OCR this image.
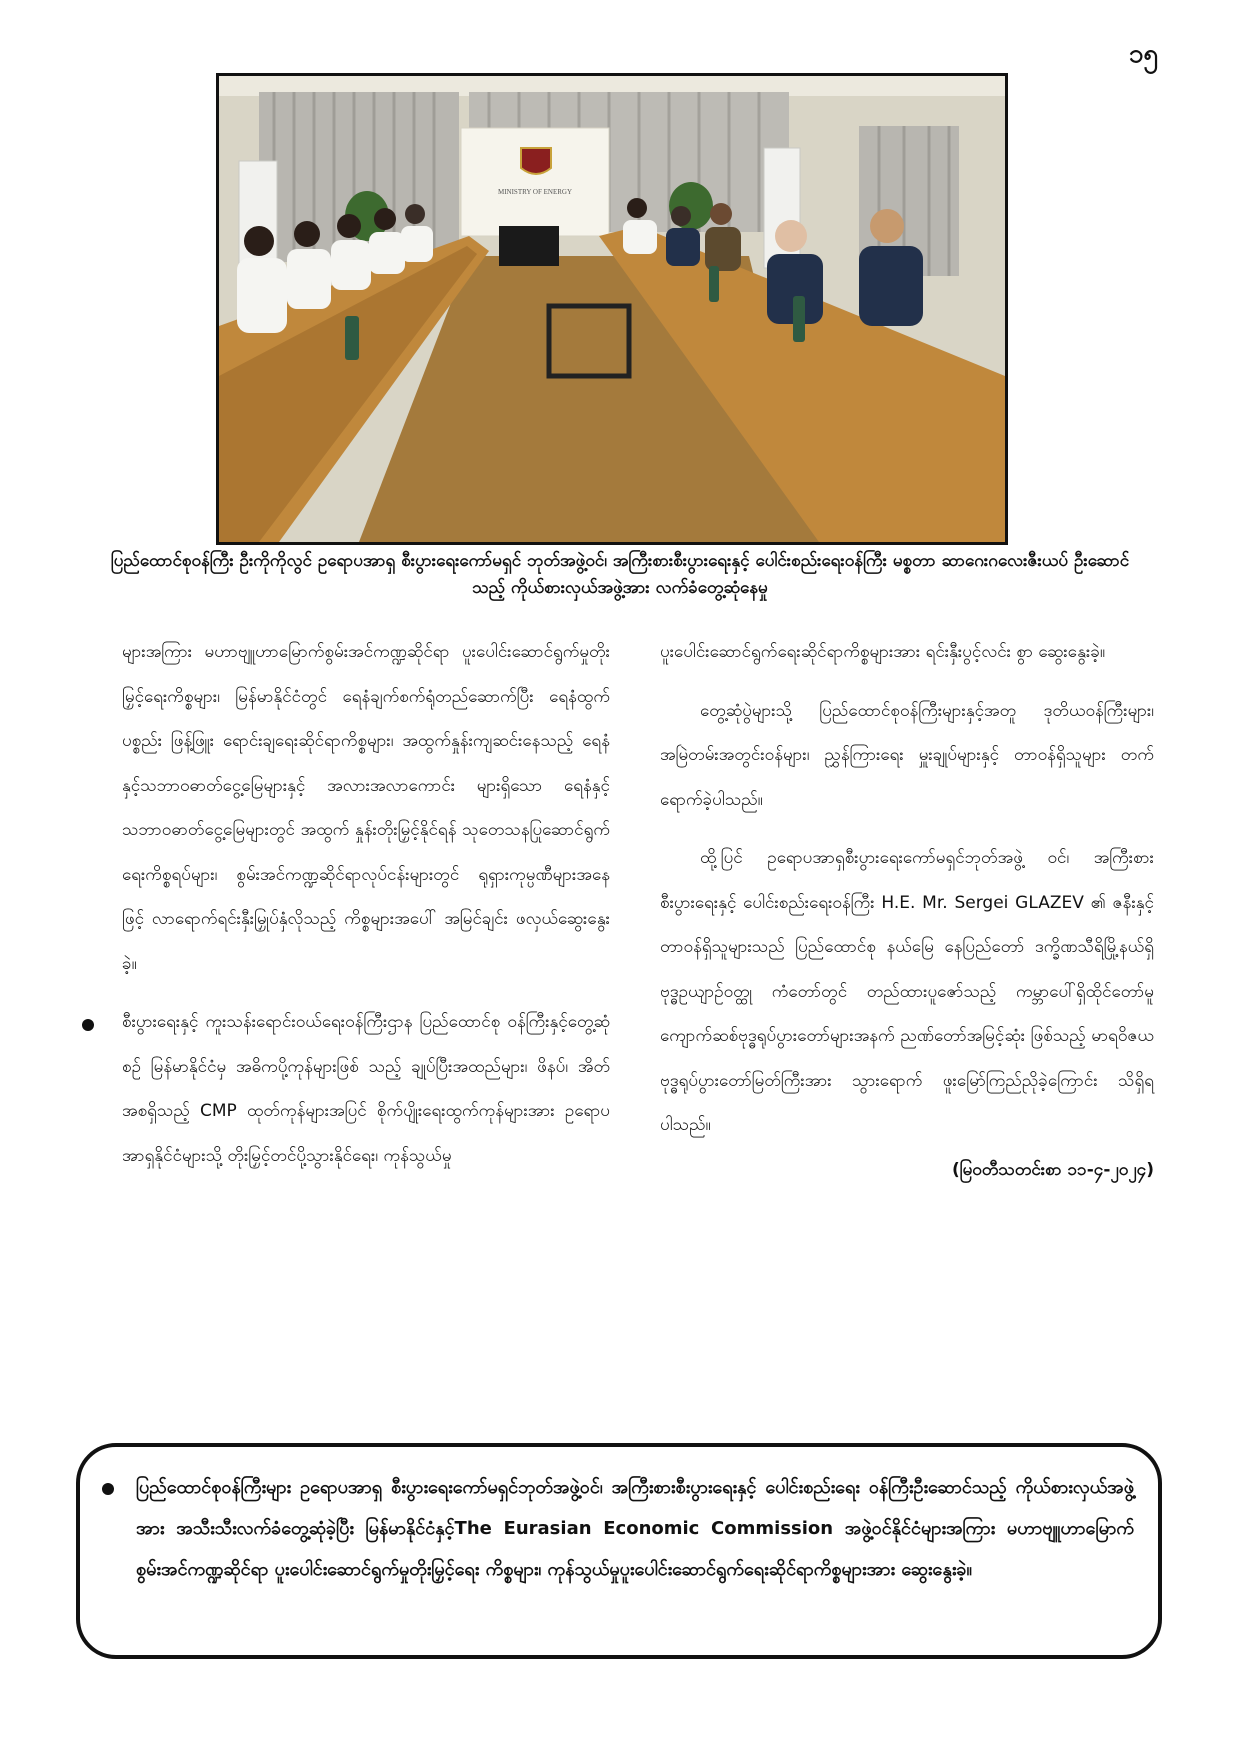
၁၅
MINISTRY OF ENERGY
ပြည်ထောင်စုဝန်ကြီး ဦးကိုကိုလွင် ဥရောပအာရှ စီးပွားရေးကော်မရှင် ဘုတ်အဖွဲ့ဝင်၊ အကြီးစားစီးပွားရေးနှင့် ပေါင်းစည်းရေးဝန်ကြီး မစ္စတာ ဆာဂေးဂလေးဇီးယပ် ဦးဆောင်သည့် ကိုယ်စားလှယ်အဖွဲ့အား လက်ခံတွေ့ဆုံနေမှု

များအကြား မဟာဗျူဟာမြောက်စွမ်းအင်ကဏ္ဍဆိုင်ရာ ပူးပေါင်းဆောင်ရွက်မှုတိုးမြှင့်ရေးကိစ္စများ၊ မြန်မာနိုင်ငံတွင် ရေနံချက်စက်ရုံတည်ဆောက်ပြီး ရေနံထွက်ပစ္စည်း ဖြန့်ဖြူး ရောင်းချရေးဆိုင်ရာကိစ္စများ၊ အထွက်နှုန်းကျဆင်းနေသည့် ရေနံနှင့်သဘာဝဓာတ်ငွေ့မြေများနှင့် အလားအလာကောင်း များရှိသော ရေနံနှင့်သဘာဝဓာတ်ငွေ့မြေများတွင် အထွက် နှုန်းတိုးမြှင့်နိုင်ရန် သုတေသနပြုဆောင်ရွက်ရေးကိစ္စရပ်များ၊ စွမ်းအင်ကဏ္ဍဆိုင်ရာလုပ်ငန်းများတွင် ရုရှားကုမ္ပဏီများအနေ ဖြင့် လာရောက်ရင်းနှီးမြှုပ်နှံလိုသည့် ကိစ္စများအပေါ် အမြင်ချင်း ဖလှယ်ဆွေးနွေးခဲ့။

စီးပွားရေးနှင့် ကူးသန်းရောင်းဝယ်ရေးဝန်ကြီးဌာန ပြည်ထောင်စု ဝန်ကြီးနှင့်တွေ့ဆုံစဉ် မြန်မာနိုင်ငံမှ အဓိကပို့ကုန်များဖြစ် သည့် ချုပ်ပြီးအထည်များ၊ ဖိနပ်၊ အိတ် အစရှိသည့် CMP ထုတ်ကုန်များအပြင် စိုက်ပျိုးရေးထွက်ကုန်များအား ဥရောပ အာရှနိုင်ငံများသို့ တိုးမြှင့်တင်ပို့သွားနိုင်ရေး၊ ကုန်သွယ်မှု

ပူးပေါင်းဆောင်ရွက်ရေးဆိုင်ရာကိစ္စများအား ရင်းနှီးပွင့်လင်း စွာ ဆွေးနွေးခဲ့။

တွေ့ဆုံပွဲများသို့ ပြည်ထောင်စုဝန်ကြီးများနှင့်အတူ ဒုတိယဝန်ကြီးများ၊ အမြဲတမ်းအတွင်းဝန်များ၊ ညွှန်ကြားရေး မှူးချုပ်များနှင့် တာဝန်ရှိသူများ တက်ရောက်ခဲ့ပါသည်။

ထို့ပြင် ဥရောပအာရှစီးပွားရေးကော်မရှင်ဘုတ်အဖွဲ့ ဝင်၊ အကြီးစားစီးပွားရေးနှင့် ပေါင်းစည်းရေးဝန်ကြီး H.E. Mr. Sergei GLAZEV ၏ ဇနီးနှင့် တာဝန်ရှိသူများသည် ပြည်ထောင်စု နယ်မြေ နေပြည်တော် ဒက္ခိဏသီရိမြို့နယ်ရှိ ဗုဒ္ဓဥယျာဉ်ဝတ္ထု ကံတော်တွင် တည်ထားပူဇော်သည့် ကမ္ဘာပေါ်ရှိထိုင်တော်မူ ကျောက်ဆစ်ဗုဒ္ဓရုပ်ပွားတော်များအနက် ညဏ်တော်အမြင့်ဆုံး ဖြစ်သည့် မာရဝိဇယဗုဒ္ဓရုပ်ပွားတော်မြတ်ကြီးအား သွားရောက် ဖူးမြော်ကြည်ညိုခဲ့ကြောင်း သိရှိရပါသည်။

(မြဝတီသတင်းစာ ၁၁-၄-၂၀၂၄)

ပြည်ထောင်စုဝန်ကြီးများ ဥရောပအာရှ စီးပွားရေးကော်မရှင်ဘုတ်အဖွဲ့ဝင်၊ အကြီးစားစီးပွားရေးနှင့် ပေါင်းစည်းရေး ဝန်ကြီးဦးဆောင်သည့် ကိုယ်စားလှယ်အဖွဲ့အား အသီးသီးလက်ခံတွေ့ဆုံခဲ့ပြီး မြန်မာနိုင်ငံနှင့်The Eurasian Economic Commission အဖွဲ့ဝင်နိုင်ငံများအကြား မဟာဗျူဟာမြောက်စွမ်းအင်ကဏ္ဍဆိုင်ရာ ပူးပေါင်းဆောင်ရွက်မှုတိုးမြှင့်ရေး ကိစ္စများ၊ ကုန်သွယ်မှုပူးပေါင်းဆောင်ရွက်ရေးဆိုင်ရာကိစ္စများအား ဆွေးနွေးခဲ့။
